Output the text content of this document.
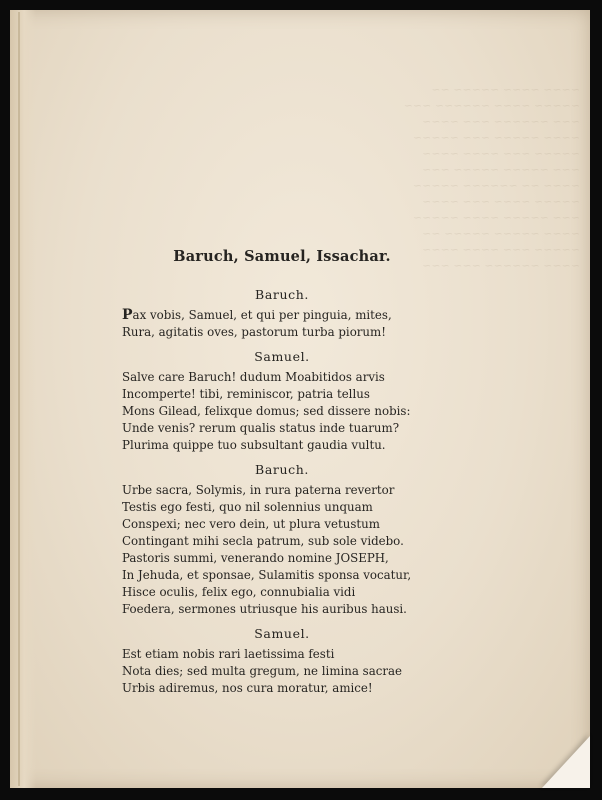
~~~~ ~~~~ ~~~~~ ~~
~~~~~ ~~~~ ~~~~~~ ~~~
~~~ ~~~~~~ ~~~ ~~~~
~~~~ ~~~~~ ~~~ ~~~~~
~~~~~ ~~~ ~~~~ ~~~~
~~~ ~~~~~ ~~~~~ ~~~
~~~~ ~~ ~~~~~~ ~~~~~
~~~~~ ~~~~ ~~~ ~~~~
~~~ ~~~~~ ~~~~ ~~~~~
~~~~ ~~~~~ ~~~~~ ~~
~~~~~ ~~~ ~~~~ ~~~~
~~~~ ~~~~~~ ~~~ ~~~
Baruch, Samuel, Issachar.
Baruch.
Pax vobis, Samuel, et qui per pinguia, mites,
Rura, agitatis oves, pastorum turba piorum!
Samuel.
Salve care Baruch! dudum Moabitidos arvis
Incomperte! tibi, reminiscor, patria tellus
Mons Gilead, felixque domus; sed dissere nobis:
Unde venis? rerum qualis status inde tuarum?
Plurima quippe tuo subsultant gaudia vultu.
Baruch.
Urbe sacra, Solymis, in rura paterna revertor
Testis ego festi, quo nil solennius unquam
Conspexi; nec vero dein, ut plura vetustum
Contingant mihi secla patrum, sub sole videbo.
Pastoris summi, venerando nomine JOSEPH,
In Jehuda, et sponsae, Sulamitis sponsa vocatur,
Hisce oculis, felix ego, connubialia vidi
Foedera, sermones utriusque his auribus hausi.
Samuel.
Est etiam nobis rari laetissima festi
Nota dies; sed multa gregum, ne limina sacrae
Urbis adiremus, nos cura moratur, amice!
